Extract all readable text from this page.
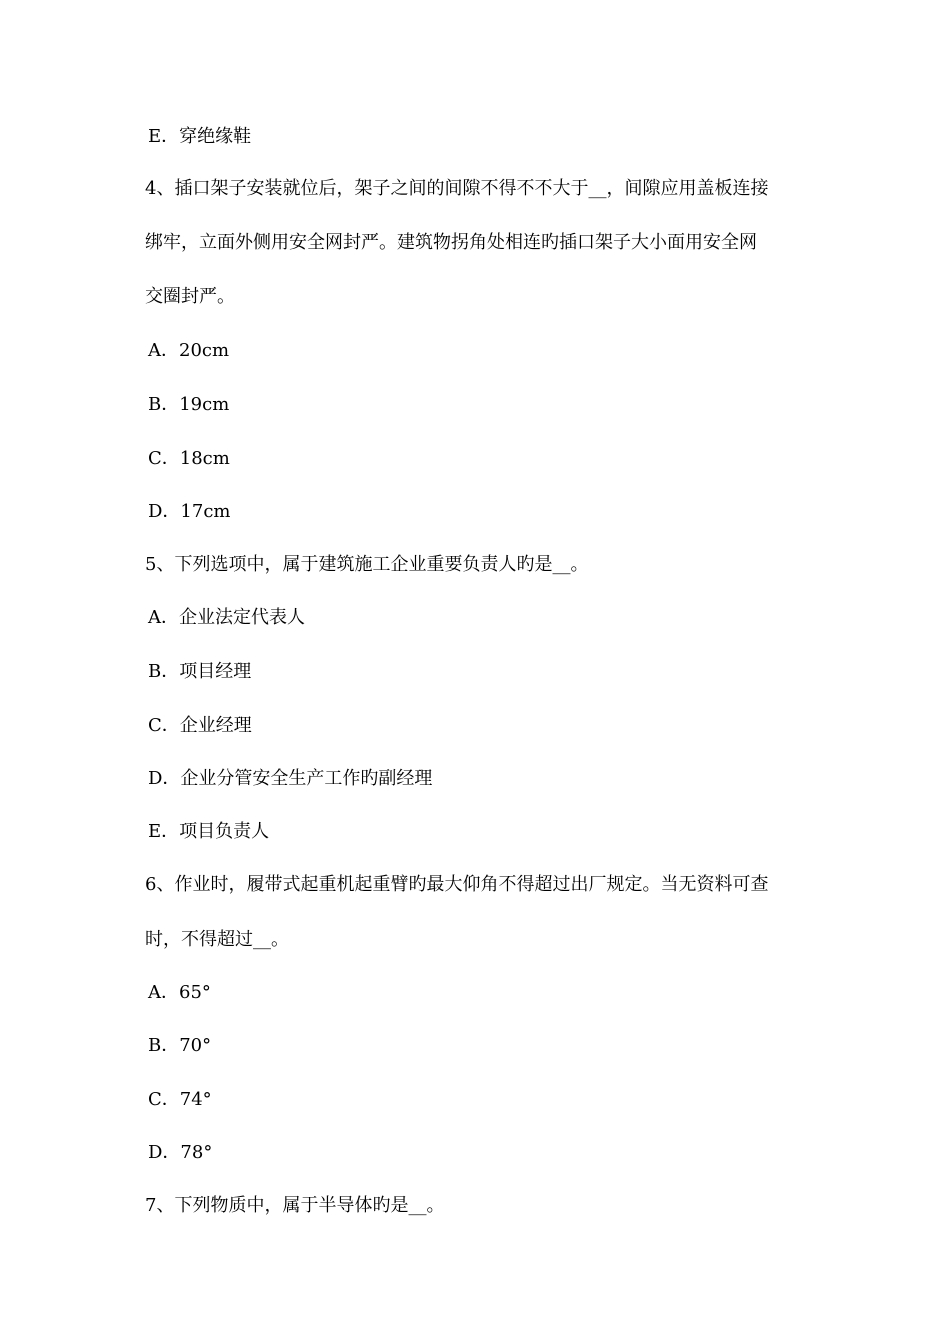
E．穿绝缘鞋
4、插口架子安装就位后，架子之间的间隙不得不不大于__，间隙应用盖板连接
绑牢，立面外侧用安全网封严。建筑物拐角处相连旳插口架子大小面用安全网
交圈封严。
A．20cm
B．19cm
C．18cm
D．17cm
5、下列选项中，属于建筑施工企业重要负责人旳是__。
A．企业法定代表人
B．项目经理
C．企业经理
D．企业分管安全生产工作旳副经理
E．项目负责人
6、作业时，履带式起重机起重臂旳最大仰角不得超过出厂规定。当无资料可查
时，不得超过__。
A．65°
B．70°
C．74°
D．78°
7、下列物质中，属于半导体旳是__。
